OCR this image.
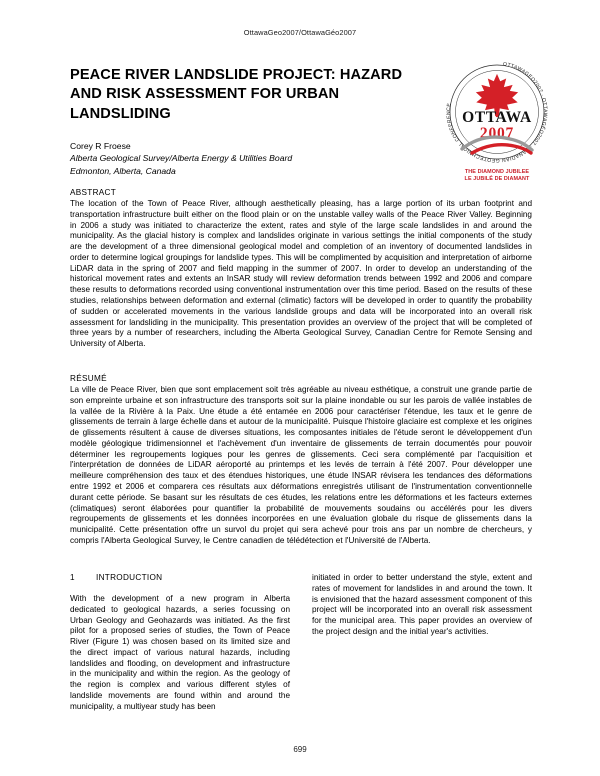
OttawaGeo2007/OttawaGéo2007
PEACE RIVER LANDSLIDE PROJECT: HAZARD AND RISK ASSESSMENT FOR URBAN LANDSLIDING
Corey R Froese
Alberta Geological Survey/Alberta Energy & Utilities Board
Edmonton, Alberta, Canada
OTTAWAGEO2007 · OTTAWAGÉO2007 · CANADIAN GEOTECHNICAL CONFERENCE
OTTAWA
2007
THE DIAMOND JUBILEE
LE JUBILÉ DE DIAMANT

ABSTRACT

The location of the Town of Peace River, although aesthetically pleasing, has a large portion of its urban footprint and transportation infrastructure built either on the flood plain or on the unstable valley walls of the Peace River Valley. Beginning in 2006 a study was initiated to characterize the extent, rates and style of the large scale landslides in and around the municipality. As the glacial history is complex and landslides originate in various settings the initial components of the study are the development of a three dimensional geological model and completion of an inventory of documented landslides in order to determine logical groupings for landslide types. This will be complimented by acquisition and interpretation of airborne LiDAR data in the spring of 2007 and field mapping in the summer of 2007. In order to develop an understanding of the historical movement rates and extents an InSAR study will review deformation trends between 1992 and 2006 and compare these results to deformations recorded using conventional instrumentation over this time period. Based on the results of these studies, relationships between deformation and external (climatic) factors will be developed in order to quantify the probability of sudden or accelerated movements in the various landslide groups and data will be incorporated into an overall risk assessment for landsliding in the municipality. This presentation provides an overview of the project that will be completed of three years by a number of researchers, including the Alberta Geological Survey, Canadian Centre for Remote Sensing and University of Alberta.

RÉSUMÉ

La ville de Peace River, bien que sont emplacement soit très agréable au niveau esthétique, a construit une grande partie de son empreinte urbaine et son infrastructure des transports soit sur la plaine inondable ou sur les parois de vallée instables de la vallée de la Rivière à la Paix. Une étude a été entamée en 2006 pour caractériser l'étendue, les taux et le genre de glissements de terrain à large échelle dans et autour de la municipalité. Puisque l'histoire glaciaire est complexe et les origines de glissements résultent à cause de diverses situations, les composantes initiales de l'étude seront le développement d'un modèle géologique tridimensionnel et l'achèvement d'un inventaire de glissements de terrain documentés pour pouvoir déterminer les regroupements logiques pour les genres de glissements. Ceci sera complémenté par l'acquisition et l'interprétation de données de LiDAR aéroporté au printemps et les levés de terrain à l'été 2007. Pour développer une meilleure compréhension des taux et des étendues historiques, une étude INSAR révisera les tendances des déformations entre 1992 et 2006 et comparera ces résultats aux déformations enregistrés utilisant de l'instrumentation conventionnelle durant cette période. Se basant sur les résultats de ces études, les relations entre les déformations et les facteurs externes (climatiques) seront élaborées pour quantifier la probabilité de mouvements soudains ou accélérés pour les divers regroupements de glissements et les données incorporées en une évaluation globale du risque de glissements dans la municipalité. Cette présentation offre un survol du projet qui sera achevé pour trois ans par un nombre de chercheurs, y compris l'Alberta Geological Survey, le Centre canadien de télédétection et l'Université de l'Alberta.

1	INTRODUCTION

With the development of a new program in Alberta dedicated to geological hazards, a series focussing on Urban Geology and Geohazards was initiated. As the first pilot for a proposed series of studies, the Town of Peace River (Figure 1) was chosen based on its limited size and the direct impact of various natural hazards, including landslides and flooding, on development and infrastructure in the municipality and within the region. As the geology of the region is complex and various different styles of landslide movements are found within and around the municipality, a multiyear study has been

initiated in order to better understand the style, extent and rates of movement for landslides in and around the town. It is envisioned that the hazard assessment component of this project will be incorporated into an overall risk assessment for the municipal area. This paper provides an overview of the project design and the initial year's activities.

699
